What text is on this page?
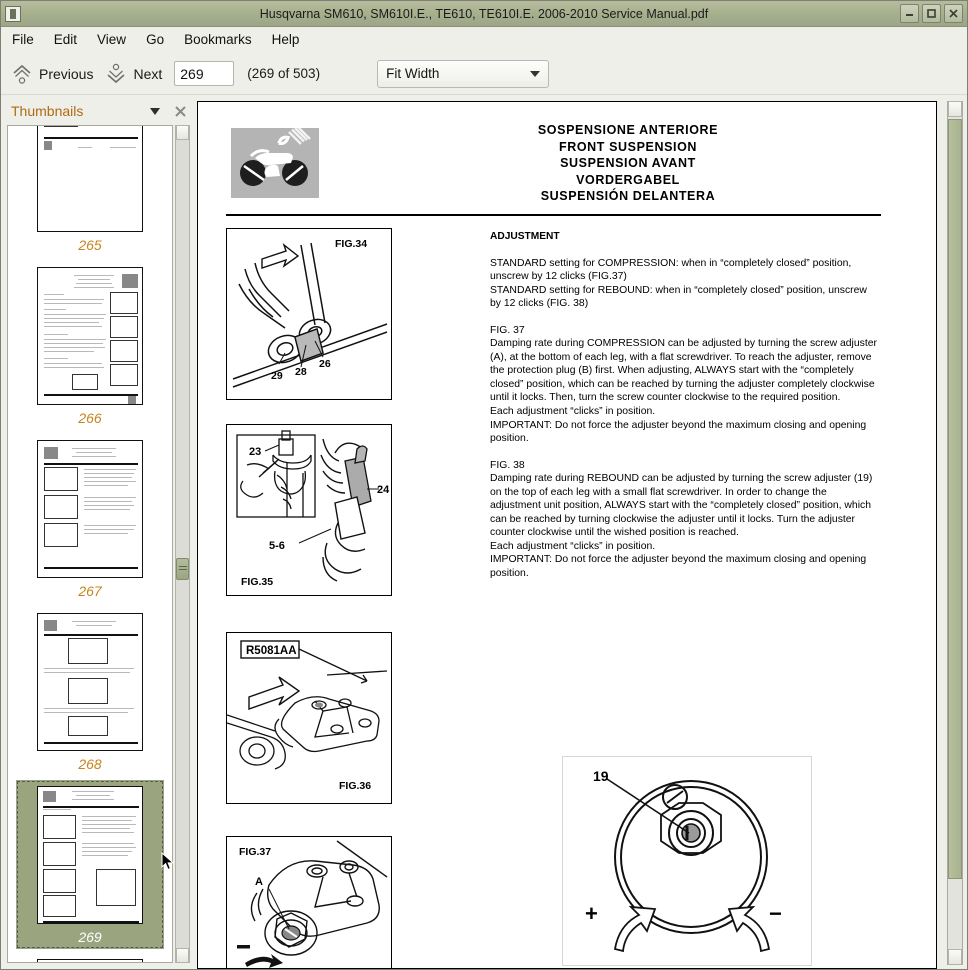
Husqvarna SM610, SM610I.E., TE610, TE610I.E. 2006-2010 Service Manual.pdf
File Edit View Go Bookmarks Help
Previous	Next
269	(269 of 503)	Fit Width
Thumbnails
265
266
267
268
269
SOSPENSIONE ANTERIORE
FRONT SUSPENSION
SUSPENSION AVANT
VORDERGABEL
SUSPENSIÓN DELANTERA

ADJUSTMENT

STANDARD setting for COMPRESSION: when in “completely closed” position, unscrew by 12 clicks (FIG.37)

STANDARD setting for REBOUND: when in “completely closed” position, unscrew by 12 clicks (FIG. 38)

FIG. 37

Damping rate during COMPRESSION can be adjusted by turning the screw adjuster (A), at the bottom of each leg, with a flat screwdriver. To reach the adjuster, remove the protection plug (B) first. When adjusting, ALWAYS start with the “completely closed” position, which can be reached by turning the adjuster completely clockwise until it locks. Then, turn the screw counter clockwise to the required position.

Each adjustment “clicks” in position.

IMPORTANT: Do not force the adjuster beyond the maximum closing and opening position.

FIG. 38

Damping rate during REBOUND can be adjusted by turning the screw adjuster (19) on the top of each leg with a small flat screwdriver. In order to change the adjustment unit position, ALWAYS start with the “completely closed” position, which can be reached by turning clockwise the adjuster until it locks. Turn the adjuster counter clockwise until the wished position is reached.

Each adjustment “clicks” in position.

IMPORTANT: Do not force the adjuster beyond the maximum closing and opening position.

29 28
26
FIG.34
23
24
5-6
FIG.35
R5081AA
FIG.36
A
FIG.37
19
+	−
